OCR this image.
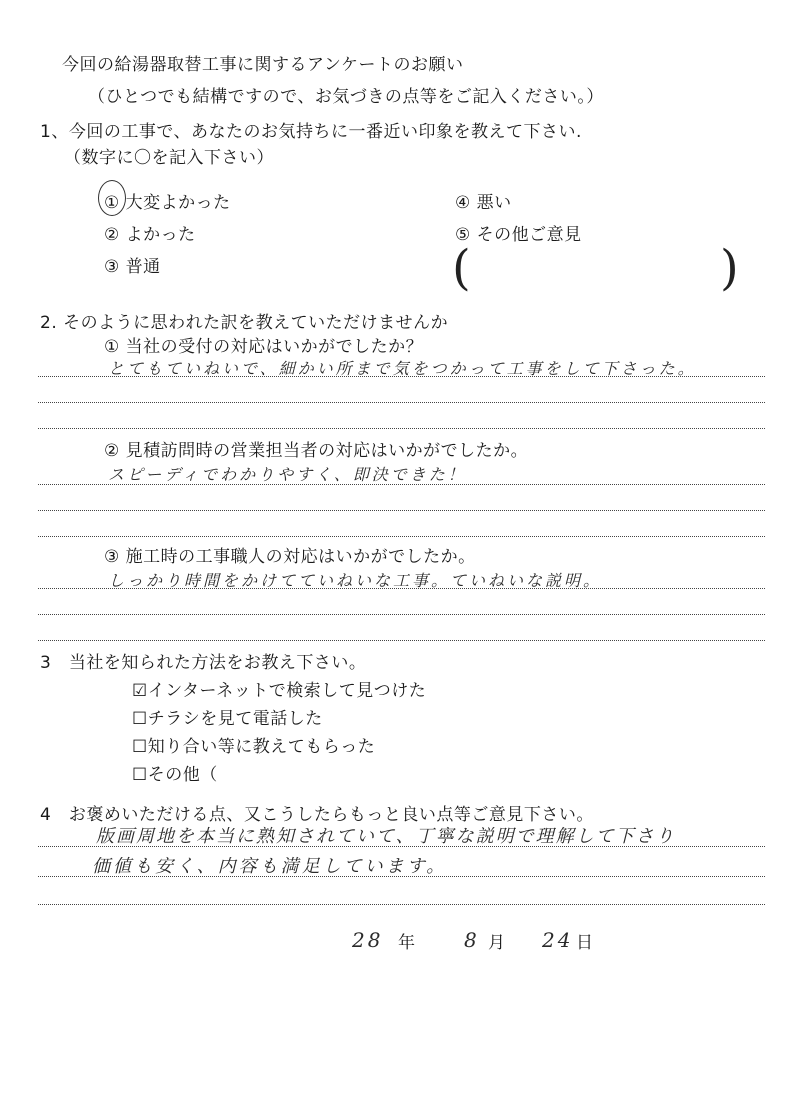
今回の給湯器取替工事に関するアンケートのお願い
（ひとつでも結構ですので、お気づきの点等をご記入ください。）
1、今回の工事で、あなたのお気持ちに一番近い印象を教えて下さい.
（数字に〇を記入下さい）
① 大変よかった
② よかった
③ 普通
④ 悪い
⑤ その他ご意見
(	)
2. そのように思われた訳を教えていただけませんか
① 当社の受付の対応はいかがでしたか？
とてもていねいで、細かい所まで気をつかって工事をして下さった。
② 見積訪問時の営業担当者の対応はいかがでしたか。
スピーディでわかりやすく、即決できた！
③ 施工時の工事職人の対応はいかがでしたか。
しっかり時間をかけてていねいな工事。ていねいな説明。
3　当社を知られた方法をお教え下さい。
☑インターネットで検索して見つけた
☐チラシを見て電話した
☐知り合い等に教えてもらった
☐その他（
4　お褒めいただける点、又こうしたらもっと良い点等ご意見下さい。
版画周地を本当に熟知されていて、丁寧な説明で理解して下さり
価値も安く、内容も満足しています。
28 年 8 月 24 日
